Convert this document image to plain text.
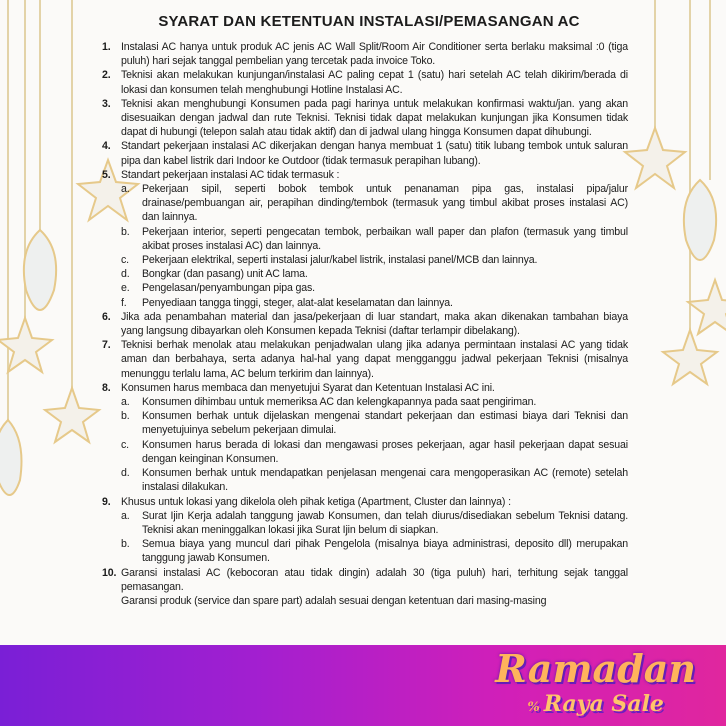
SYARAT DAN KETENTUAN INSTALASI/PEMASANGAN AC
1. Instalasi AC hanya untuk produk AC jenis AC Wall Split/Room Air Conditioner serta berlaku maksimal :0 (tiga puluh) hari sejak tanggal pembelian yang tercetak pada invoice Toko.
2. Teknisi akan melakukan kunjungan/instalasi AC paling cepat 1 (satu) hari setelah AC telah dikirim/berada di lokasi dan konsumen telah menghubungi Hotline Instalasi AC.
3. Teknisi akan menghubungi Konsumen pada pagi harinya untuk melakukan konfirmasi waktu/jan. yang akan disesuaikan dengan jadwal dan rute Teknisi. Teknisi tidak dapat melakukan kunjungan jika Konsumen tidak dapat di hubungi (telepon salah atau tidak aktif) dan di jadwal ulang hingga Konsumen dapat dihubungi.
4. Standart pekerjaan instalasi AC dikerjakan dengan hanya membuat 1 (satu) titik lubang tembok untuk saluran pipa dan kabel listrik dari Indoor ke Outdoor (tidak termasuk perapihan lubang).
5. Standart pekerjaan instalasi AC tidak termasuk :
a. Pekerjaan sipil, seperti bobok tembok untuk penanaman pipa gas, instalasi pipa/jalur drainase/pembuangan air, perapihan dinding/tembok (termasuk yang timbul akibat proses instalasi AC) dan lainnya.
b. Pekerjaan interior, seperti pengecatan tembok, perbaikan wall paper dan plafon (termasuk yang timbul akibat proses instalasi AC) dan lainnya.
c. Pekerjaan elektrikal, seperti instalasi jalur/kabel listrik, instalasi panel/MCB dan lainnya.
d. Bongkar (dan pasang) unit AC lama.
e. Pengelasan/penyambungan pipa gas.
f. Penyediaan tangga tinggi, steger, alat-alat keselamatan dan lainnya.
6. Jika ada penambahan material dan jasa/pekerjaan di luar standart, maka akan dikenakan tambahan biaya yang langsung dibayarkan oleh Konsumen kepada Teknisi (daftar terlampir dibelakang).
7. Teknisi berhak menolak atau melakukan penjadwalan ulang jika adanya permintaan instalasi AC yang tidak aman dan berbahaya, serta adanya hal-hal yang dapat mengganggu jadwal pekerjaan Teknisi (misalnya menunggu terlalu lama, AC belum terkirim dan lainnya).
8. Konsumen harus membaca dan menyetujui Syarat dan Ketentuan Instalasi AC ini.
a. Konsumen dihimbau untuk memeriksa AC dan kelengkapannya pada saat pengiriman.
b. Konsumen berhak untuk dijelaskan mengenai standart pekerjaan dan estimasi biaya dari Teknisi dan menyetujuinya sebelum pekerjaan dimulai.
c. Konsumen harus berada di lokasi dan mengawasi proses pekerjaan, agar hasil pekerjaan dapat sesuai dengan keinginan Konsumen.
d. Konsumen berhak untuk mendapatkan penjelasan mengenai cara mengoperasikan AC (remote) setelah instalasi dilakukan.
9. Khusus untuk lokasi yang dikelola oleh pihak ketiga (Apartment, Cluster dan lainnya) :
a. Surat Ijin Kerja adalah tanggung jawab Konsumen, dan telah diurus/disediakan sebelum Teknisi datang. Teknisi akan meninggalkan lokasi jika Surat Ijin belum di siapkan.
b. Semua biaya yang muncul dari pihak Pengelola (misalnya biaya administrasi, deposito dll) merupakan tanggung jawab Konsumen.
10. Garansi instalasi AC (kebocoran atau tidak dingin) adalah 30 (tiga puluh) hari, terhitung sejak tanggal pemasangan.
Garansi produk (service dan spare part) adalah sesuai dengan ketentuan dari masing-masing
Ramadan
% Raya Sale
